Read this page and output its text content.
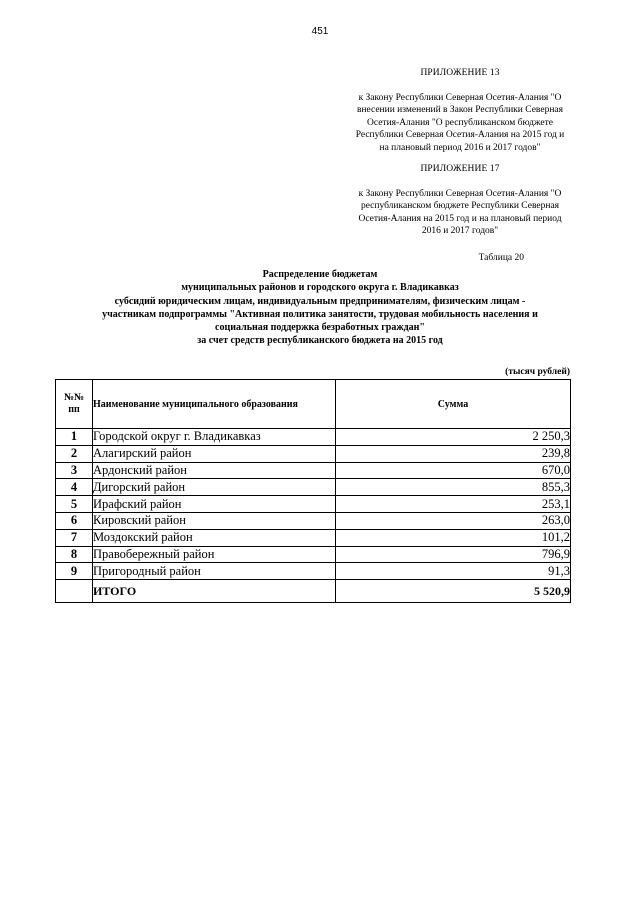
451
ПРИЛОЖЕНИЕ 13
к Закону Республики Северная Осетия-Алания "О
внесении изменений в Закон Республики Северная
Осетия-Алания "О республиканском бюджете
Республики Северная Осетия-Алания на 2015 год и
на плановый период 2016 и 2017 годов"
ПРИЛОЖЕНИЕ 17
к Закону Республики Северная Осетия-Алания "О
республиканском бюджете Республики Северная
Осетия-Алания на 2015 год и на плановый период
2016 и 2017 годов"
Таблица 20
Распределение бюджетам
муниципальных районов и городского округа г. Владикавказ
субсидий юридическим лицам, индивидуальным предпринимателям, физическим лицам -
участникам подпрограммы "Активная политика занятости, трудовая мобильность населения и
социальная поддержка безработных граждан"
за счет средств республиканского бюджета на 2015 год
(тысяч рублей)
№№
пп	Наименование муниципального образования	Сумма
1	Городской округ г. Владикавказ	2 250,3
2	Алагирский район	239,8
3	Ардонский район	670,0
4	Дигорский район	855,3
5	Ирафский район	253,1
6	Кировский район	263,0
7	Моздокский район	101,2
8	Правобережный район	796,9
9	Пригородный район	91,3
	ИТОГО	5 520,9
